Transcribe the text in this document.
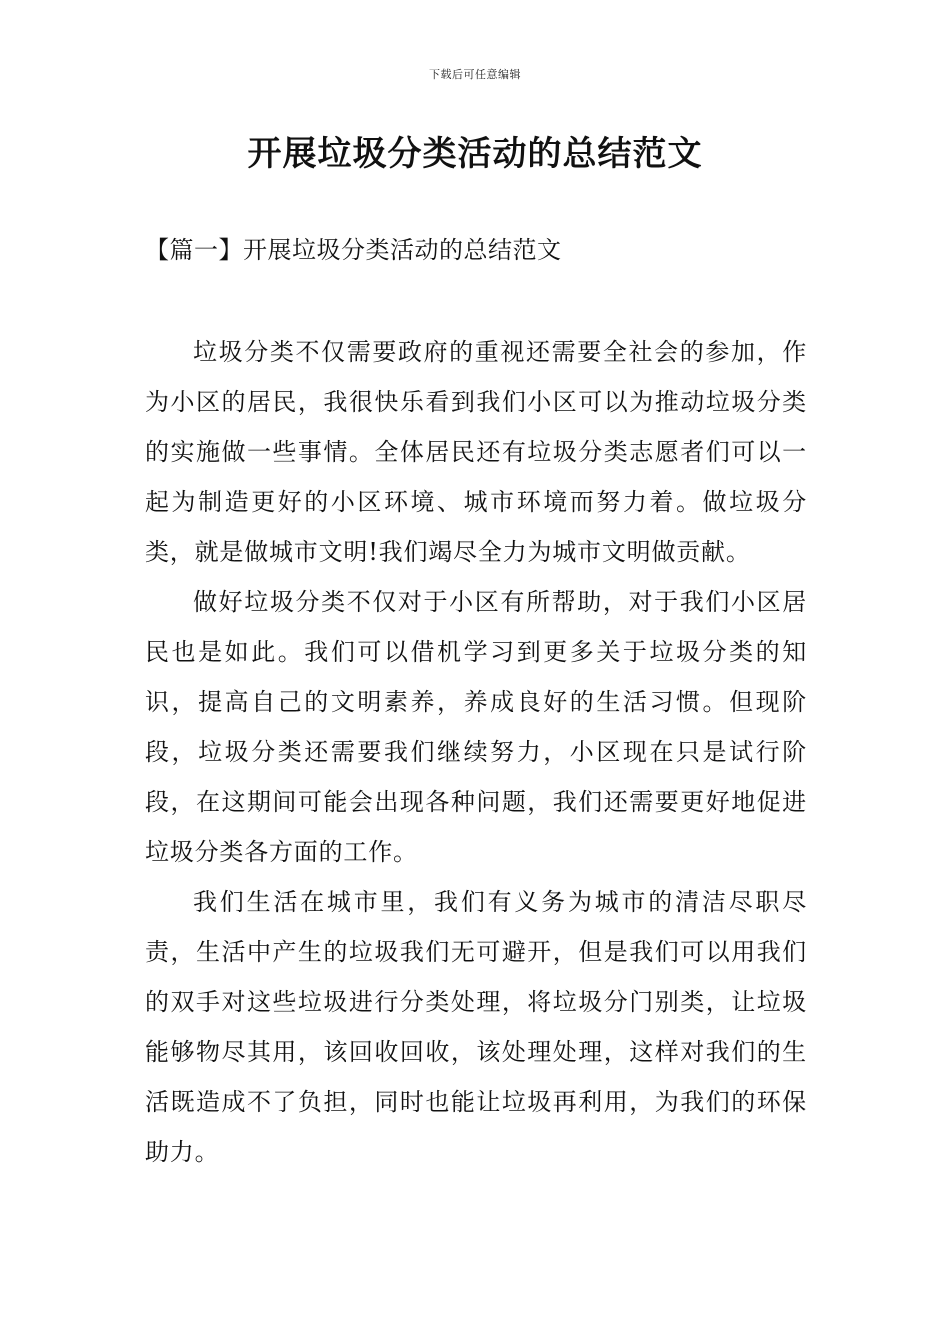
下载后可任意编辑
开展垃圾分类活动的总结范文
【篇一】开展垃圾分类活动的总结范文

垃圾分类不仅需要政府的重视还需要全社会的参加，作为小区的居民，我很快乐看到我们小区可以为推动垃圾分类的实施做一些事情。全体居民还有垃圾分类志愿者们可以一起为制造更好的小区环境、城市环境而努力着。做垃圾分类，就是做城市文明!我们竭尽全力为城市文明做贡献。

做好垃圾分类不仅对于小区有所帮助，对于我们小区居民也是如此。我们可以借机学习到更多关于垃圾分类的知识，提高自己的文明素养，养成良好的生活习惯。但现阶段，垃圾分类还需要我们继续努力，小区现在只是试行阶段，在这期间可能会出现各种问题，我们还需要更好地促进垃圾分类各方面的工作。

我们生活在城市里，我们有义务为城市的清洁尽职尽责，生活中产生的垃圾我们无可避开，但是我们可以用我们的双手对这些垃圾进行分类处理，将垃圾分门别类，让垃圾能够物尽其用，该回收回收，该处理处理，这样对我们的生活既造成不了负担，同时也能让垃圾再利用，为我们的环保助力。
